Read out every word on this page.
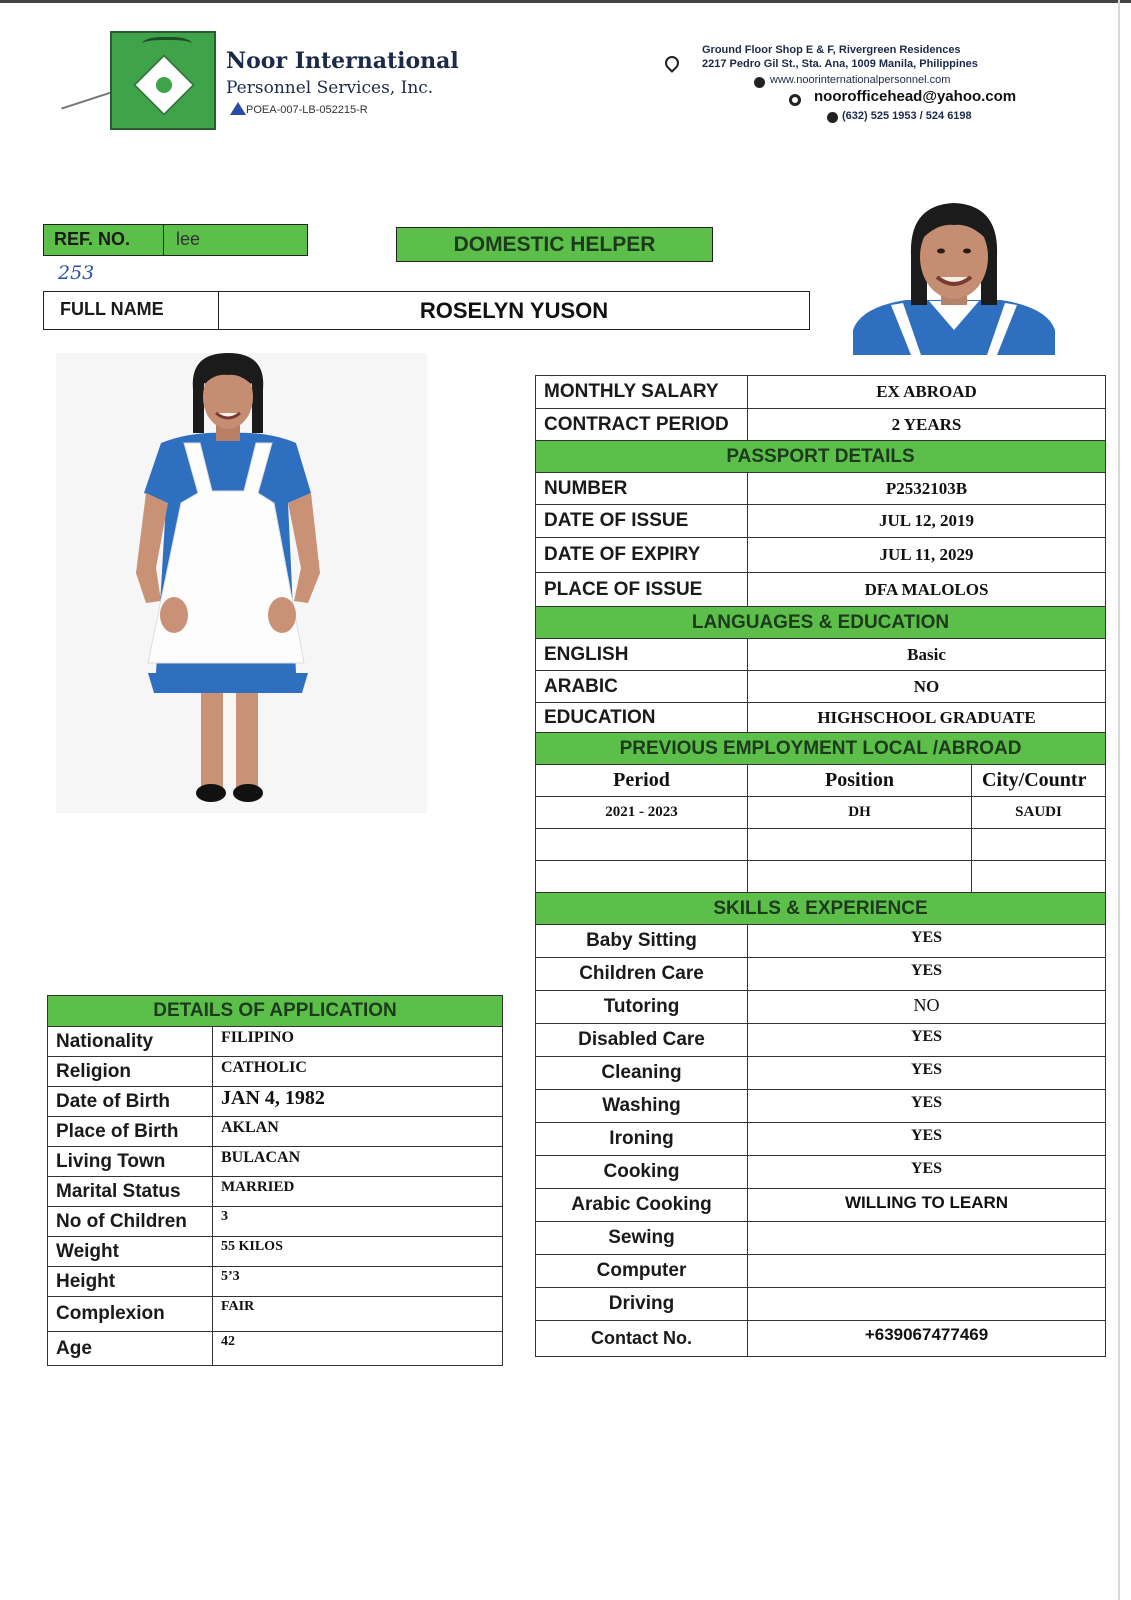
Noor International
Personnel Services, Inc.
POEA-007-LB-052215-R
Ground Floor Shop E & F, Rivergreen Residences
2217 Pedro Gil St., Sta. Ana, 1009 Manila, Philippines
www.noorinternationalpersonnel.com
noorofficehead@yahoo.com
(632) 525 1953 / 524 6198
REF. NO.	lee
253
DOMESTIC HELPER
FULL NAME	ROSELYN YUSON
MONTHLY SALARY	EX ABROAD	
CONTRACT PERIOD	2 YEARS	
PASSPORT DETAILS		
NUMBER	P2532103B	
DATE OF ISSUE	JUL 12, 2019	
DATE OF EXPIRY	JUL 11, 2029	
PLACE OF ISSUE	DFA MALOLOS	
LANGUAGES & EDUCATION		
ENGLISH	Basic	
ARABIC	NO	
EDUCATION	HIGHSCHOOL GRADUATE	
PREVIOUS EMPLOYMENT LOCAL /ABROAD		
Period	Position	City/Countr
2021 - 2023	DH	SAUDI

SKILLS & EXPERIENCE		
Baby Sitting	YES	
Children Care	YES	
Tutoring	NO	
Disabled Care	YES	
Cleaning	YES	
Washing	YES	
Ironing	YES	
Cooking	YES	
Arabic Cooking	WILLING TO LEARN	
Sewing		
Computer		
Driving		
Contact No.	+639067477469	
DETAILS OF APPLICATION	
Nationality	FILIPINO
Religion	CATHOLIC
Date of Birth	JAN 4, 1982
Place of Birth	AKLAN
Living Town	BULACAN
Marital Status	MARRIED
No of Children	3
Weight	55 KILOS
Height	5’3
Complexion	FAIR
Age	42
